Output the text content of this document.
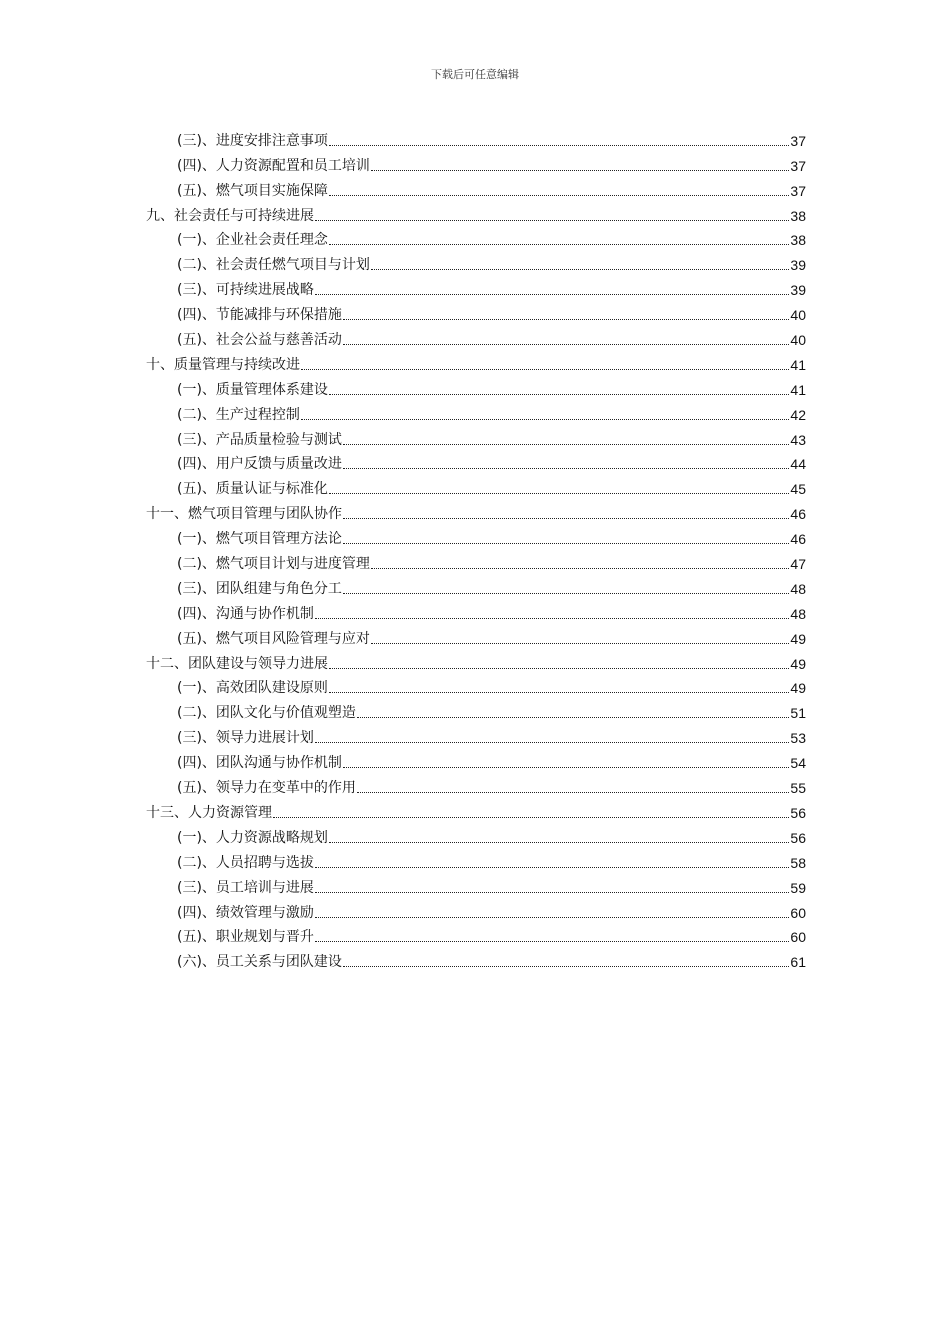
下载后可任意编辑
(三)、进度安排注意事项	37
(四)、人力资源配置和员工培训	37
(五)、燃气项目实施保障	37
九、社会责任与可持续进展	38
(一)、企业社会责任理念	38
(二)、社会责任燃气项目与计划	39
(三)、可持续进展战略	39
(四)、节能减排与环保措施	40
(五)、社会公益与慈善活动	40
十、质量管理与持续改进	41
(一)、质量管理体系建设	41
(二)、生产过程控制	42
(三)、产品质量检验与测试	43
(四)、用户反馈与质量改进	44
(五)、质量认证与标准化	45
十一、燃气项目管理与团队协作	46
(一)、燃气项目管理方法论	46
(二)、燃气项目计划与进度管理	47
(三)、团队组建与角色分工	48
(四)、沟通与协作机制	48
(五)、燃气项目风险管理与应对	49
十二、团队建设与领导力进展	49
(一)、高效团队建设原则	49
(二)、团队文化与价值观塑造	51
(三)、领导力进展计划	53
(四)、团队沟通与协作机制	54
(五)、领导力在变革中的作用	55
十三、人力资源管理	56
(一)、人力资源战略规划	56
(二)、人员招聘与选拔	58
(三)、员工培训与进展	59
(四)、绩效管理与激励	60
(五)、职业规划与晋升	60
(六)、员工关系与团队建设	61
